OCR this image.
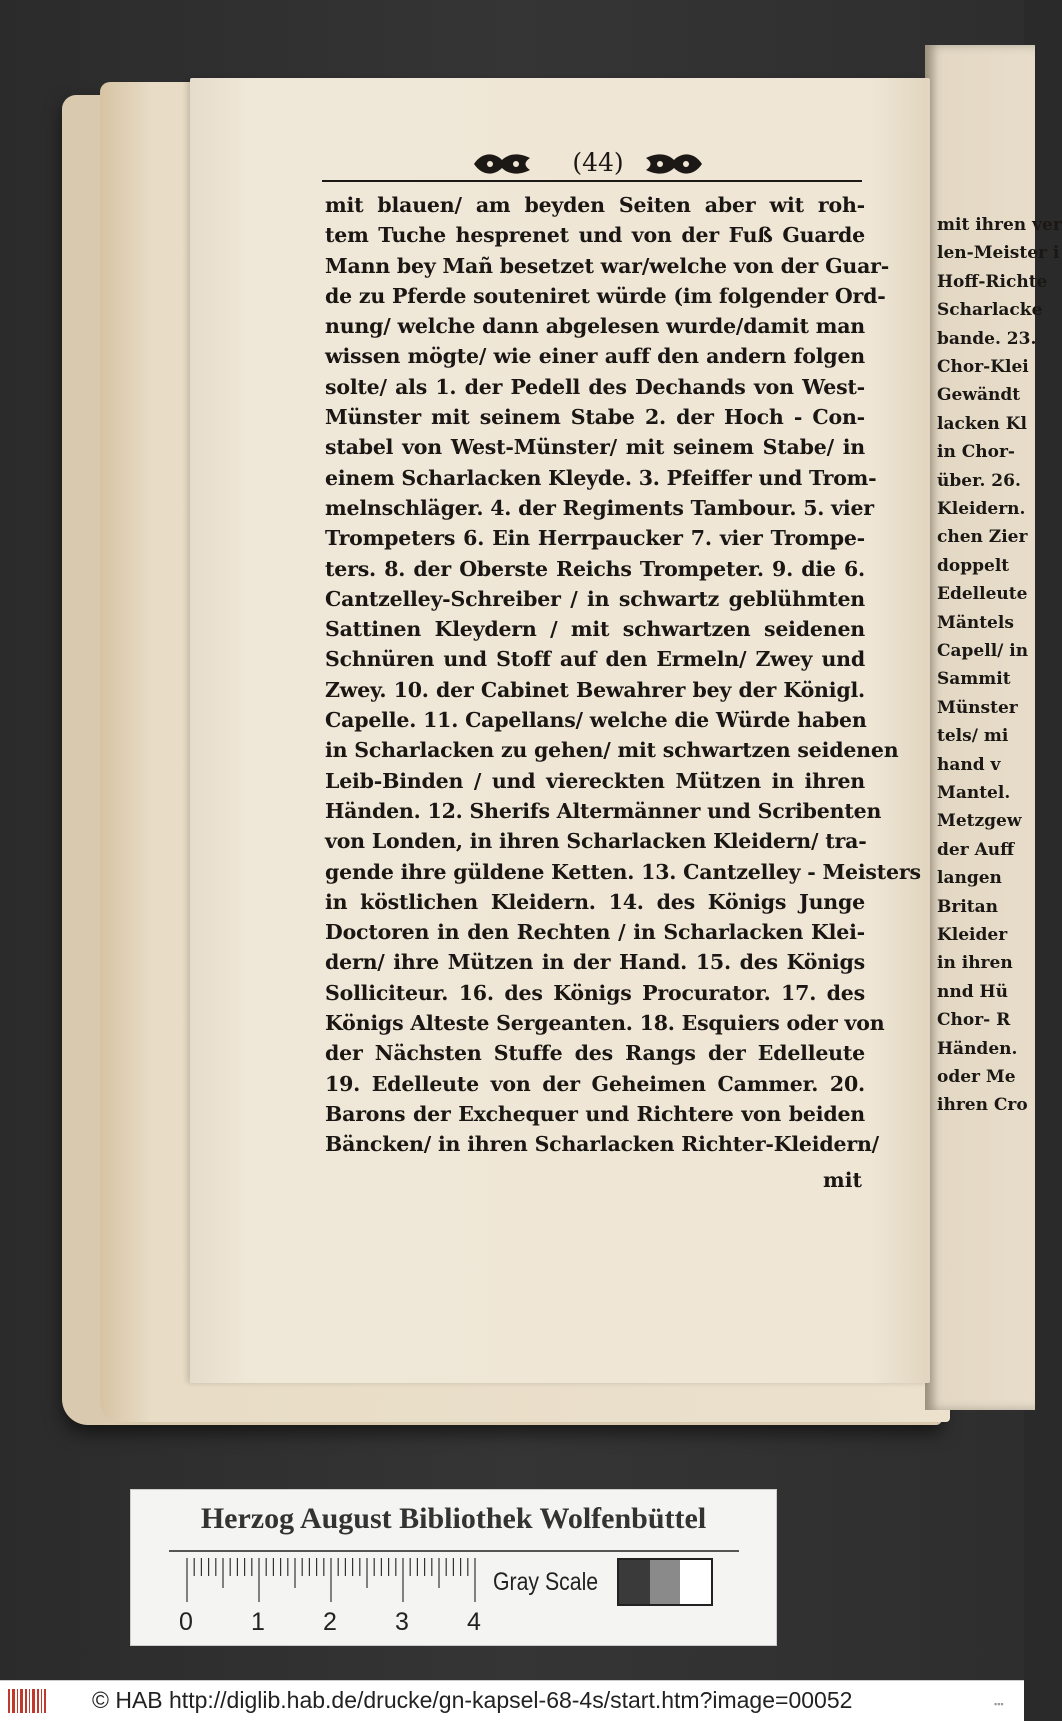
mit ihren ver
len-Meister i
Hoff-Richte
Scharlacke
bande. 23.
Chor-Klei
Gewändt
lacken Kl
in Chor-
über. 26.
Kleidern.
chen Zier
doppelt
Edelleute
Mäntels
Capell/ in
Sammit
Münster
tels/ mi
hand v
Mantel.
Metzgew
der Auff
langen
Britan
Kleider
in ihren
nnd Hü
Chor- R
Händen.
oder Me
ihren Cro
(44)
mit blauen/ am beyden Seiten aber wit roh-
tem Tuche hesprenet und von der Fuß Guarde
Mann bey Mañ besetzet war/welche von der Guar-
de zu Pferde souteniret würde (im folgender Ord-
nung/ welche dann abgelesen wurde/damit man
wissen mögte/ wie einer auff den andern folgen
solte/ als 1. der Pedell des Dechands von West-
Münster mit seinem Stabe 2. der Hoch - Con-
stabel von West-Münster/ mit seinem Stabe/ in
einem Scharlacken Kleyde. 3. Pfeiffer und Trom-
melnschläger. 4. der Regiments Tambour. 5. vier
Trompeters 6. Ein Herrpaucker 7. vier Trompe-
ters. 8. der Oberste Reichs Trompeter. 9. die 6.
Cantzelley-Schreiber / in schwartz geblühmten
Sattinen Kleydern / mit schwartzen seidenen
Schnüren und Stoff auf den Ermeln/ Zwey und
Zwey. 10. der Cabinet Bewahrer bey der Königl.
Capelle. 11. Capellans/ welche die Würde haben
in Scharlacken zu gehen/ mit schwartzen seidenen
Leib-Binden / und viereckten Mützen in ihren
Händen. 12. Sherifs Altermänner und Scribenten
von Londen, in ihren Scharlacken Kleidern/ tra-
gende ihre güldene Ketten. 13. Cantzelley - Meisters
in köstlichen Kleidern. 14. des Königs Junge
Doctoren in den Rechten / in Scharlacken Klei-
dern/ ihre Mützen in der Hand. 15. des Königs
Solliciteur. 16. des Königs Procurator. 17. des
Königs Alteste Sergeanten. 18. Esquiers oder von
der Nächsten Stuffe des Rangs der Edelleute
19. Edelleute von der Geheimen Cammer. 20.
Barons der Exchequer und Richtere von beiden
Bäncken/ in ihren Scharlacken Richter-Kleidern/
mit
Herzog August Bibliothek Wolfenbüttel
0 1 2 3 4
Gray Scale
© HAB http://diglib.hab.de/drucke/gn-kapsel-68-4s/start.htm?image=00052	▪▪▪
